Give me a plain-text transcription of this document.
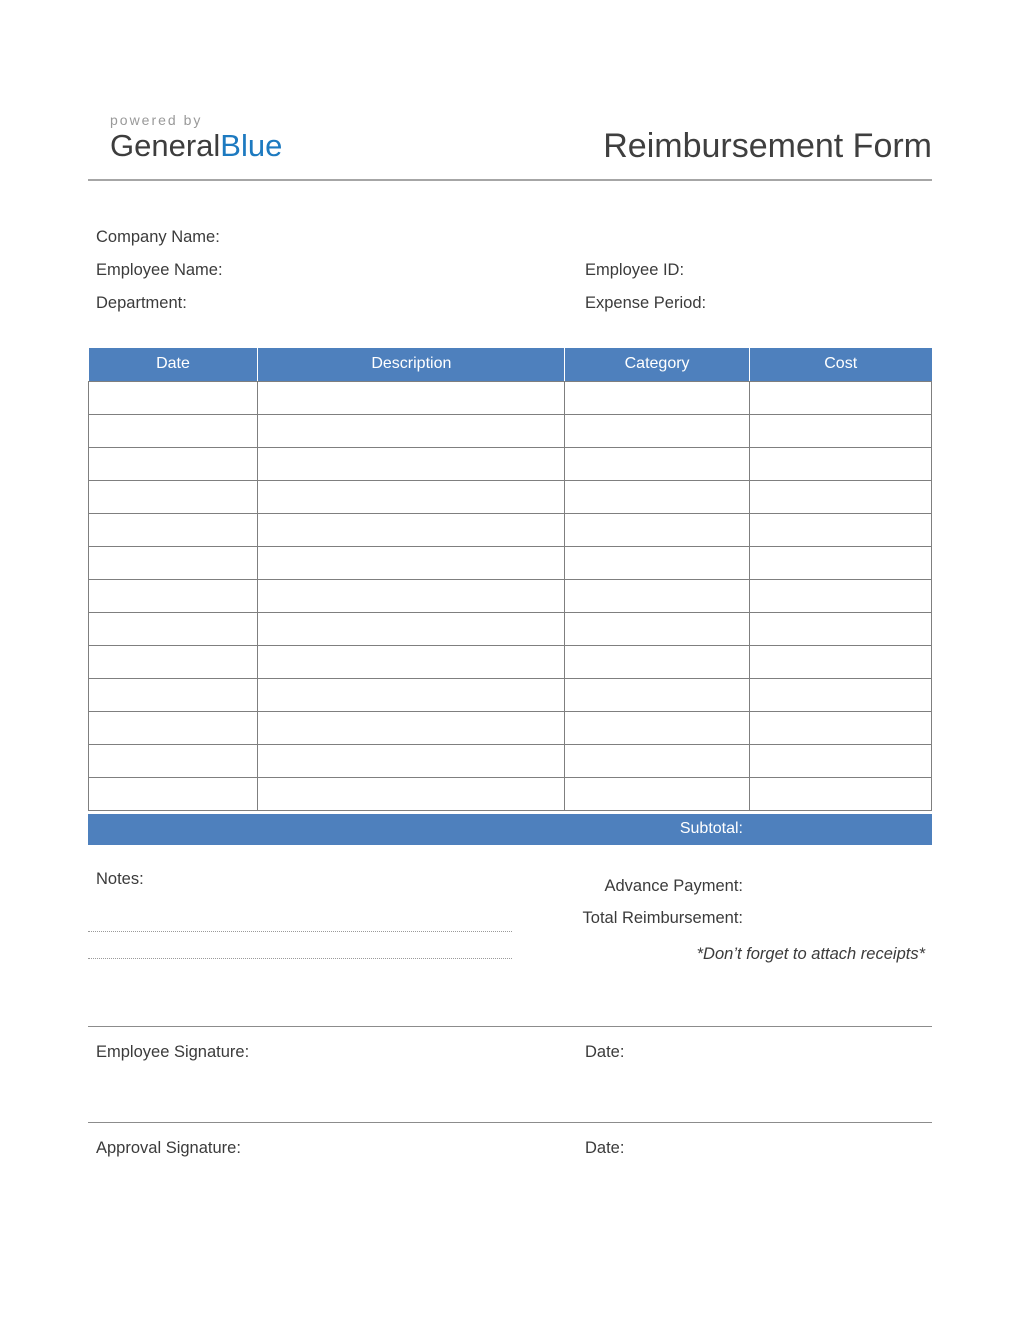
powered by
GeneralBlue	Reimbursement Form
Company Name:
Employee Name:	Employee ID:
Department:	Expense Period:
Date	Description	Category	Cost

Subtotal:
Notes:	Advance Payment:
Total Reimbursement:
*Don’t forget to attach receipts*
Employee Signature:	Date:
Approval Signature:	Date:
